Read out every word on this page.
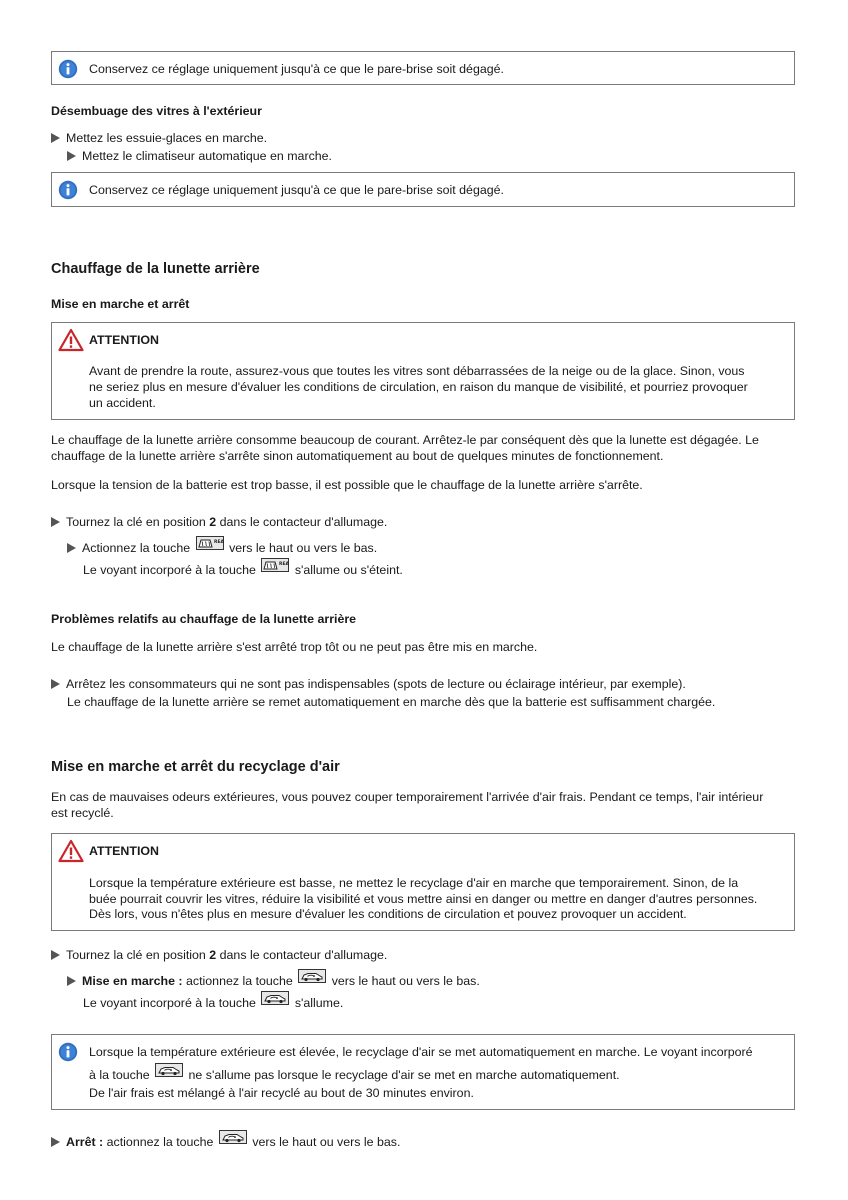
Conservez ce réglage uniquement jusqu'à ce que le pare-brise soit dégagé.
Désembuage des vitres à l'extérieur
Mettez les essuie-glaces en marche.
Mettez le climatiseur automatique en marche.
Conservez ce réglage uniquement jusqu'à ce que le pare-brise soit dégagé.
Chauffage de la lunette arrière
Mise en marche et arrêt
ATTENTION
Avant de prendre la route, assurez-vous que toutes les vitres sont débarrassées de la neige ou de la glace. Sinon, vous
ne seriez plus en mesure d'évaluer les conditions de circulation, en raison du manque de visibilité, et pourriez provoquer
un accident.
Le chauffage de la lunette arrière consomme beaucoup de courant. Arrêtez-le par conséquent dès que la lunette est dégagée. Le
chauffage de la lunette arrière s'arrête sinon automatiquement au bout de quelques minutes de fonctionnement.
Lorsque la tension de la batterie est trop basse, il est possible que le chauffage de la lunette arrière s'arrête.
Tournez la clé en position 2 dans le contacteur d'allumage.
Actionnez la touche	vers le haut ou vers le bas.
Le voyant incorporé à la touche	s'allume ou s'éteint.
Problèmes relatifs au chauffage de la lunette arrière
Le chauffage de la lunette arrière s'est arrêté trop tôt ou ne peut pas être mis en marche.
Arrêtez les consommateurs qui ne sont pas indispensables (spots de lecture ou éclairage intérieur, par exemple).
Le chauffage de la lunette arrière se remet automatiquement en marche dès que la batterie est suffisamment chargée.
Mise en marche et arrêt du recyclage d'air
En cas de mauvaises odeurs extérieures, vous pouvez couper temporairement l'arrivée d'air frais. Pendant ce temps, l'air intérieur
est recyclé.
ATTENTION
Lorsque la température extérieure est basse, ne mettez le recyclage d'air en marche que temporairement. Sinon, de la
buée pourrait couvrir les vitres, réduire la visibilité et vous mettre ainsi en danger ou mettre en danger d'autres personnes.
Dès lors, vous n'êtes plus en mesure d'évaluer les conditions de circulation et pouvez provoquer un accident.
Tournez la clé en position 2 dans le contacteur d'allumage.
Mise en marche : actionnez la touche	vers le haut ou vers le bas.
Le voyant incorporé à la touche	s'allume.
Lorsque la température extérieure est élevée, le recyclage d'air se met automatiquement en marche. Le voyant incorporé
à la touche	ne s'allume pas lorsque le recyclage d'air se met en marche automatiquement.
De l'air frais est mélangé à l'air recyclé au bout de 30 minutes environ.
Arrêt : actionnez la touche	vers le haut ou vers le bas.
